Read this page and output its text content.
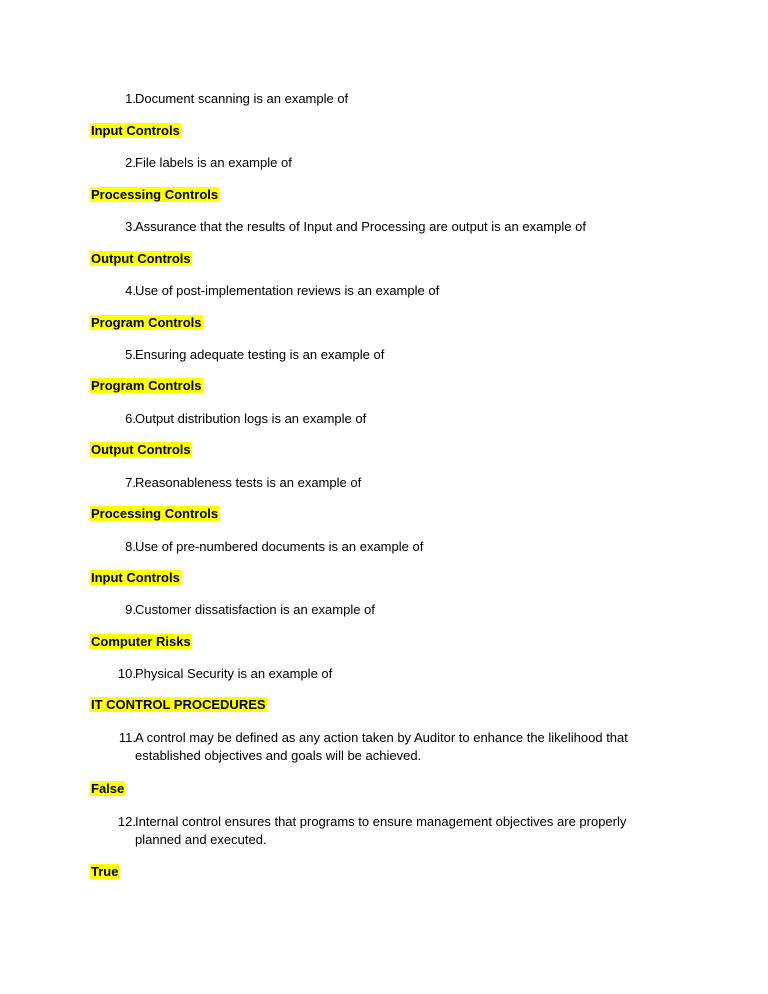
1. Document scanning is an example of
Input Controls
2. File labels is an example of
Processing Controls
3. Assurance that the results of Input and Processing are output is an example of
Output Controls
4. Use of post-implementation reviews is an example of
Program Controls
5. Ensuring adequate testing is an example of
Program Controls
6. Output distribution logs is an example of
Output Controls
7. Reasonableness tests is an example of
Processing Controls
8. Use of pre-numbered documents is an example of
Input Controls
9. Customer dissatisfaction is an example of
Computer Risks
10. Physical Security is an example of
IT CONTROL PROCEDURES
11. A control may be defined as any action taken by Auditor to enhance the likelihood that established objectives and goals will be achieved.
False
12. Internal control ensures that programs to ensure management objectives are properly planned and executed.
True
